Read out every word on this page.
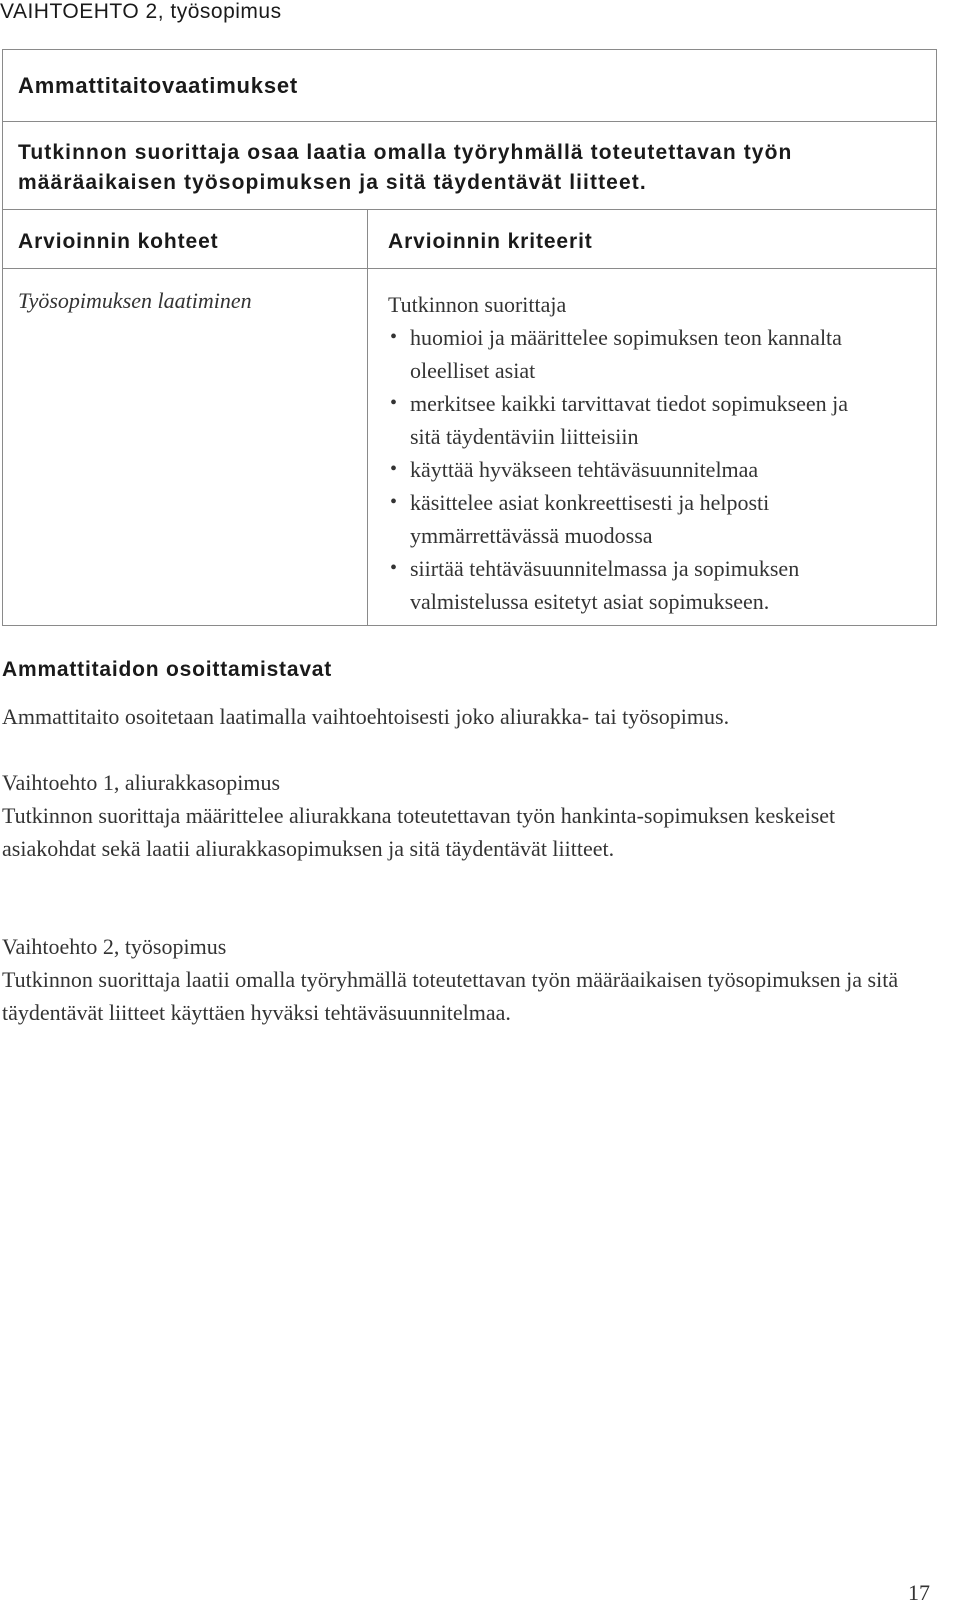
VAIHTOEHTO 2, työsopimus
Ammattitaitovaatimukset
Tutkinnon suorittaja osaa laatia omalla työryhmällä toteutettavan työn määräaikaisen työsopimuksen ja sitä täydentävät liitteet.
Arvioinnin kohteet	Arvioinnin kriteerit
Työsopimuksen laatiminen	Tutkinnon suorittaja
• huomioi ja määrittelee sopimuksen teon kannalta oleelliset asiat
• merkitsee kaikki tarvittavat tiedot sopimukseen ja sitä täydentäviin liitteisiin
• käyttää hyväkseen tehtäväsuunnitelmaa
• käsittelee asiat konkreettisesti ja helposti ymmärrettävässä muodossa
• siirtää tehtäväsuunnitelmassa ja sopimuksen valmistelussa esitetyt asiat sopimukseen.
Ammattitaidon osoittamistavat
Ammattitaito osoitetaan laatimalla vaihtoehtoisesti joko aliurakka- tai työsopimus.
Vaihtoehto 1, aliurakkasopimus
Tutkinnon suorittaja määrittelee aliurakkana toteutettavan työn hankinta-sopimuksen keskeiset asiakohdat sekä laatii aliurakkasopimuksen ja sitä täydentävät liitteet.
Vaihtoehto 2, työsopimus
Tutkinnon suorittaja laatii omalla työryhmällä toteutettavan työn määräaikaisen työsopimuksen ja sitä täydentävät liitteet käyttäen hyväksi tehtäväsuunnitelmaa.
17
